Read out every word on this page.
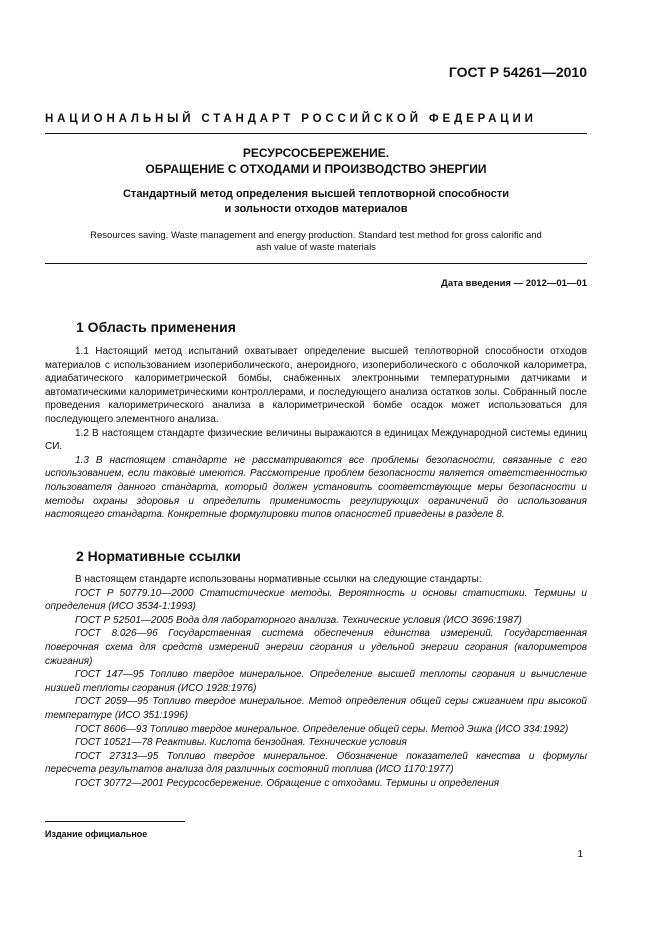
ГОСТ Р 54261—2010
НАЦИОНАЛЬНЫЙ СТАНДАРТ РОССИЙСКОЙ ФЕДЕРАЦИИ
РЕСУРСОСБЕРЕЖЕНИЕ.
ОБРАЩЕНИЕ С ОТХОДАМИ И ПРОИЗВОДСТВО ЭНЕРГИИ
Стандартный метод определения высшей теплотворной способности
и зольности отходов материалов
Resources saving. Waste management and energy production. Standard test method for gross calorific and
ash value of waste materials
Дата введения — 2012—01—01
1 Область применения

1.1 Настоящий метод испытаний охватывает определение высшей теплотворной способности отходов материалов с использованием изопериболического, анероидного, изопериболического с оболочкой калориметра, адиабатического калориметрической бомбы, снабженных электронными температурными датчиками и автоматическими калориметрическими контроллерами, и последующего анализа остатков золы. Собранный после проведения калориметрического анализа в калориметрической бомбе осадок может использоваться для последующего элементного анализа.

1.2 В настоящем стандарте физические величины выражаются в единицах Международной системы единиц СИ.

1.3 В настоящем стандарте не рассматриваются все проблемы безопасности, связанные с его использованием, если таковые имеются. Рассмотрение проблем безопасности является ответственностью пользователя данного стандарта, который должен установить соответствующие меры безопасности и методы охраны здоровья и определить применимость регулирующих ограничений до использования настоящего стандарта. Конкретные формулировки типов опасностей приведены в разделе 8.

2 Нормативные ссылки

В настоящем стандарте использованы нормативные ссылки на следующие стандарты:

ГОСТ Р 50779.10—2000 Статистические методы. Вероятность и основы статистики. Термины и определения (ИСО 3534-1:1993)

ГОСТ Р 52501—2005 Вода для лабораторного анализа. Технические условия (ИСО 3696:1987)

ГОСТ 8.026—96 Государственная система обеспечения единства измерений. Государственная поверочная схема для средств измерений энергии сгорания и удельной энергии сгорания (калориметров сжигания)

ГОСТ 147—95 Топливо твердое минеральное. Определение высшей теплоты сгорания и вычисление низшей теплоты сгорания (ИСО 1928:1976)

ГОСТ 2059—95 Топливо твердое минеральное. Метод определения общей серы сжиганием при высокой температуре (ИСО 351:1996)

ГОСТ 8606—93 Топливо твердое минеральное. Определение общей серы. Метод Эшка (ИСО 334:1992)

ГОСТ 10521—78 Реактивы. Кислота бензойная. Технические условия

ГОСТ 27313—95 Топливо твердое минеральное. Обозначение показателей качества и формулы пересчета результатов анализа для различных состояний топлива (ИСО 1170:1977)

ГОСТ 30772—2001 Ресурсосбережение. Обращение с отходами. Термины и определения

Издание официальное
1
